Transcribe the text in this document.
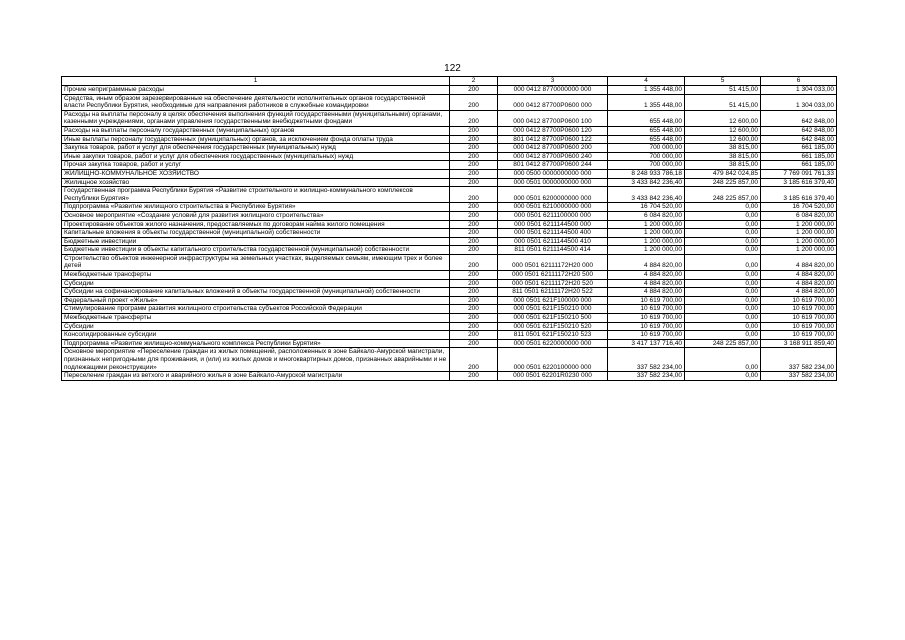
122
1	2	3	4	5	6
Прочие неприграммные расходы	200	000 0412 8770000000 000	1 355 448,00	51 415,00	1 304 033,00
Средства, иным образом зарезервированные на обеспечение деятельности исполнительных органов государственной власти Республики Бурятия, необходимые для направления работников в служебные командировки	200	000 0412 87700P0600 000	1 355 448,00	51 415,00	1 304 033,00
Расходы на выплаты персоналу в целях обеспечения выполнения функций государственными (муниципальными) органами, казенными учреждениями, органами управления государственными внебюджетными фондами	200	000 0412 87700P0600 100	655 448,00	12 600,00	642 848,00
Расходы на выплаты персоналу государственных (муниципальных) органов	200	000 0412 87700P0600 120	655 448,00	12 600,00	642 848,00
Иные выплаты персоналу государственных (муниципальных) органов, за исключением фонда оплаты труда	200	801 0412 87700P0600 122	655 448,00	12 600,00	642 848,00
Закупка товаров, работ и услуг для обеспечения государственных (муниципальных) нужд	200	000 0412 87700P0600 200	700 000,00	38 815,00	661 185,00
Иные закупки товаров, работ и услуг для обеспечения государственных (муниципальных) нужд	200	000 0412 87700P0600 240	700 000,00	38 815,00	661 185,00
Прочая закупка товаров, работ и услуг	200	801 0412 87700P0600 244	700 000,00	38 815,00	661 185,00
ЖИЛИЩНО-КОММУНАЛЬНОЕ ХОЗЯЙСТВО	200	000 0500 0000000000 000	8 248 933 786,18	479 842 024,85	7 769 091 761,33
Жилищное хозяйство	200	000 0501 0000000000 000	3 433 842 236,40	248 225 857,00	3 185 616 379,40
Государственная программа Республики Бурятия «Развитие строительного и жилищно-коммунального комплексов Республики Бурятия»	200	000 0501 6200000000 000	3 433 842 236,40	248 225 857,00	3 185 616 379,40
Подпрограмма «Развитие жилищного строительства в Республике Бурятия»	200	000 0501 6210000000 000	16 704 520,00	0,00	16 704 520,00
Основное мероприятие «Создание условий для развития жилищного строительства»	200	000 0501 6211100000 000	6 084 820,00	0,00	6 084 820,00
Проектирование объектов жилого назначения, предоставляемых по договорам найма жилого помещения	200	000 0501 6211144500 000	1 200 000,00	0,00	1 200 000,00
Капитальные вложения в объекты государственной (муниципальной) собственности	200	000 0501 6211144500 400	1 200 000,00	0,00	1 200 000,00
Бюджетные инвестиции	200	000 0501 6211144500 410	1 200 000,00	0,00	1 200 000,00
Бюджетные инвестиции в объекты капитального строительства государственной (муниципальной) собственности	200	811 0501 6211144500 414	1 200 000,00	0,00	1 200 000,00
Строительство объектов инженерной инфраструктуры на земельных участках, выделяемых семьям, имеющим трех и более детей	200	000 0501 62111172H20 000	4 884 820,00	0,00	4 884 820,00
Межбюджетные трансферты	200	000 0501 62111172H20 500	4 884 820,00	0,00	4 884 820,00
Субсидии	200	000 0501 62111172H20 520	4 884 820,00	0,00	4 884 820,00
Субсидии на софинансирование капитальных вложений в объекты государственной (муниципальной) собственности	200	811 0501 62111172H20 522	4 884 820,00	0,00	4 884 820,00
Федеральный проект «Жилье»	200	000 0501 621F100000 000	10 619 700,00	0,00	10 619 700,00
Стимулирование программ развития жилищного строительства субъектов Российской Федерации	200	000 0501 621F150210 000	10 619 700,00	0,00	10 619 700,00
Межбюджетные трансферты	200	000 0501 621F150210 500	10 619 700,00	0,00	10 619 700,00
Субсидии	200	000 0501 621F150210 520	10 619 700,00	0,00	10 619 700,00
Консолидированные субсидии	200	811 0501 621F150210 523	10 619 700,00	0,00	10 619 700,00
Подпрограмма «Развитие жилищно-коммунального комплекса Республики Бурятия»	200	000 0501 6220000000 000	3 417 137 716,40	248 225 857,00	3 168 911 859,40
Основное мероприятие «Переселение граждан из жилых помещений, расположенных в зоне Байкало-Амурской магистрали, признанных непригодными для проживания, и (или) из жилых домов и многоквартирных домов, признанных аварийными и не подлежащими реконструкции»	200	000 0501 6220100000 000	337 582 234,00	0,00	337 582 234,00
Переселение граждан из ветхого и аварийного жилья в зоне Байкало-Амурской магистрали	200	000 0501 62201R0230 000	337 582 234,00	0,00	337 582 234,00
